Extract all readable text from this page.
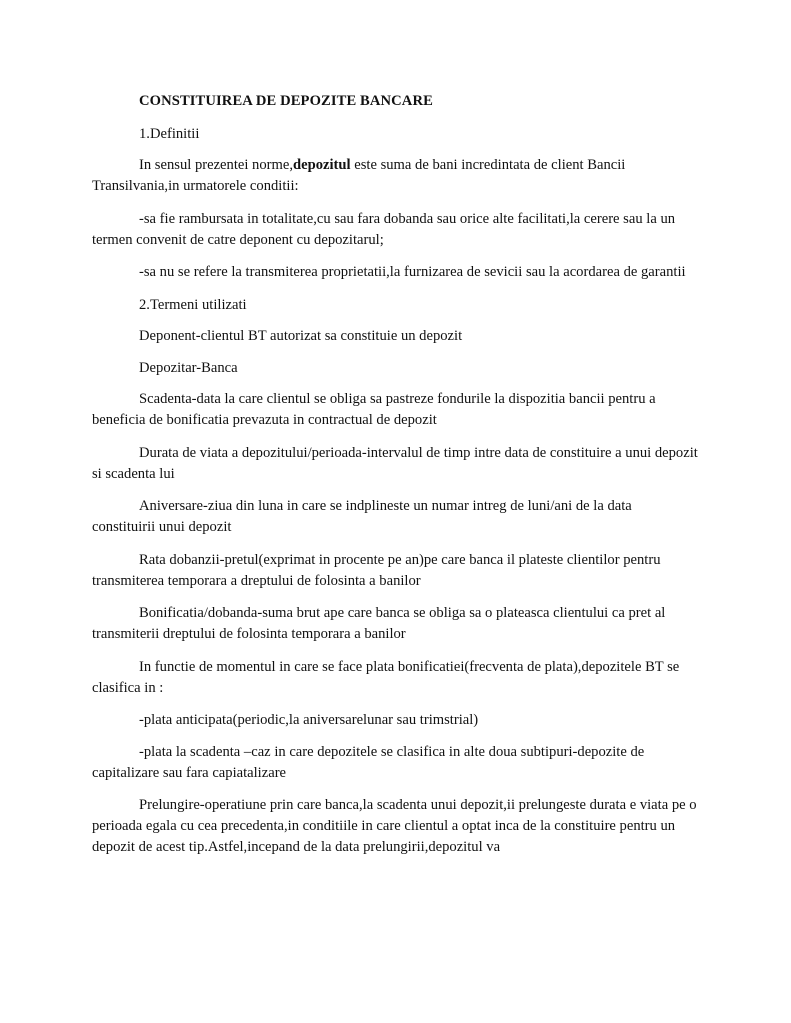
CONSTITUIREA DE DEPOZITE BANCARE

1.Definitii

In sensul prezentei norme,depozitul este suma de bani incredintata de client Bancii Transilvania,in urmatorele conditii:

-sa fie rambursata in totalitate,cu sau fara dobanda sau orice alte facilitati,la cerere sau la un termen convenit de catre deponent cu depozitarul;

-sa nu se refere la transmiterea proprietatii,la furnizarea de sevicii sau la acordarea de garantii

2.Termeni utilizati

Deponent-clientul BT autorizat sa constituie un depozit

Depozitar-Banca

Scadenta-data la care clientul se obliga sa pastreze fondurile la dispozitia bancii pentru a beneficia de bonificatia prevazuta in contractual de depozit

Durata de viata a depozitului/perioada-intervalul de timp intre data de constituire a unui depozit si scadenta lui

Aniversare-ziua din luna in care se indplineste un numar intreg de luni/ani de la data constituirii unui depozit

Rata dobanzii-pretul(exprimat in procente pe an)pe care banca il plateste clientilor pentru transmiterea temporara a dreptului de folosinta a banilor

Bonificatia/dobanda-suma brut ape care banca se obliga sa o plateasca clientului ca pret al transmiterii dreptului de folosinta temporara a banilor

In functie de momentul in care se face plata bonificatiei(frecventa de plata),depozitele BT se clasifica in :

-plata anticipata(periodic,la aniversarelunar sau trimstrial)

-plata la scadenta –caz in care depozitele se clasifica in alte doua subtipuri-depozite de capitalizare sau fara capiatalizare

Prelungire-operatiune prin care banca,la scadenta unui depozit,ii prelungeste durata e viata pe o perioada egala cu cea precedenta,in conditiile in care clientul a optat inca de la constituire pentru un depozit de acest tip.Astfel,incepand de la data prelungirii,depozitul va
